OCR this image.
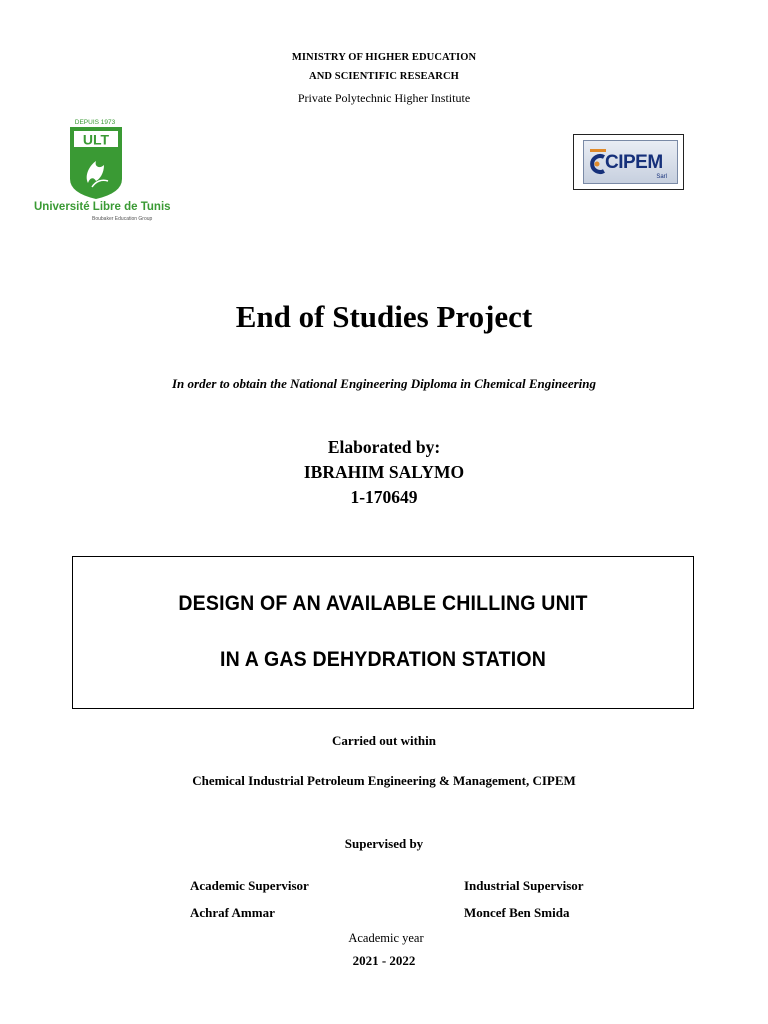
MINISTRY OF HIGHER EDUCATION
AND SCIENTIFIC RESEARCH
Private Polytechnic Higher Institute
DEPUIS 1973
ULT
Université Libre de Tunis
Boubaker Education Group
CIPEM
Sarl
End of Studies Project
In order to obtain the National Engineering Diploma in Chemical Engineering
Elaborated by:
IBRAHIM SALYMO
1-170649
DESIGN OF AN AVAILABLE CHILLING UNIT
IN A GAS DEHYDRATION STATION
Carried out within
Chemical Industrial Petroleum Engineering & Management, CIPEM
Supervised by
Academic Supervisor	Industrial Supervisor
Achraf Ammar	Moncef Ben Smida
Academic year
2021 - 2022
